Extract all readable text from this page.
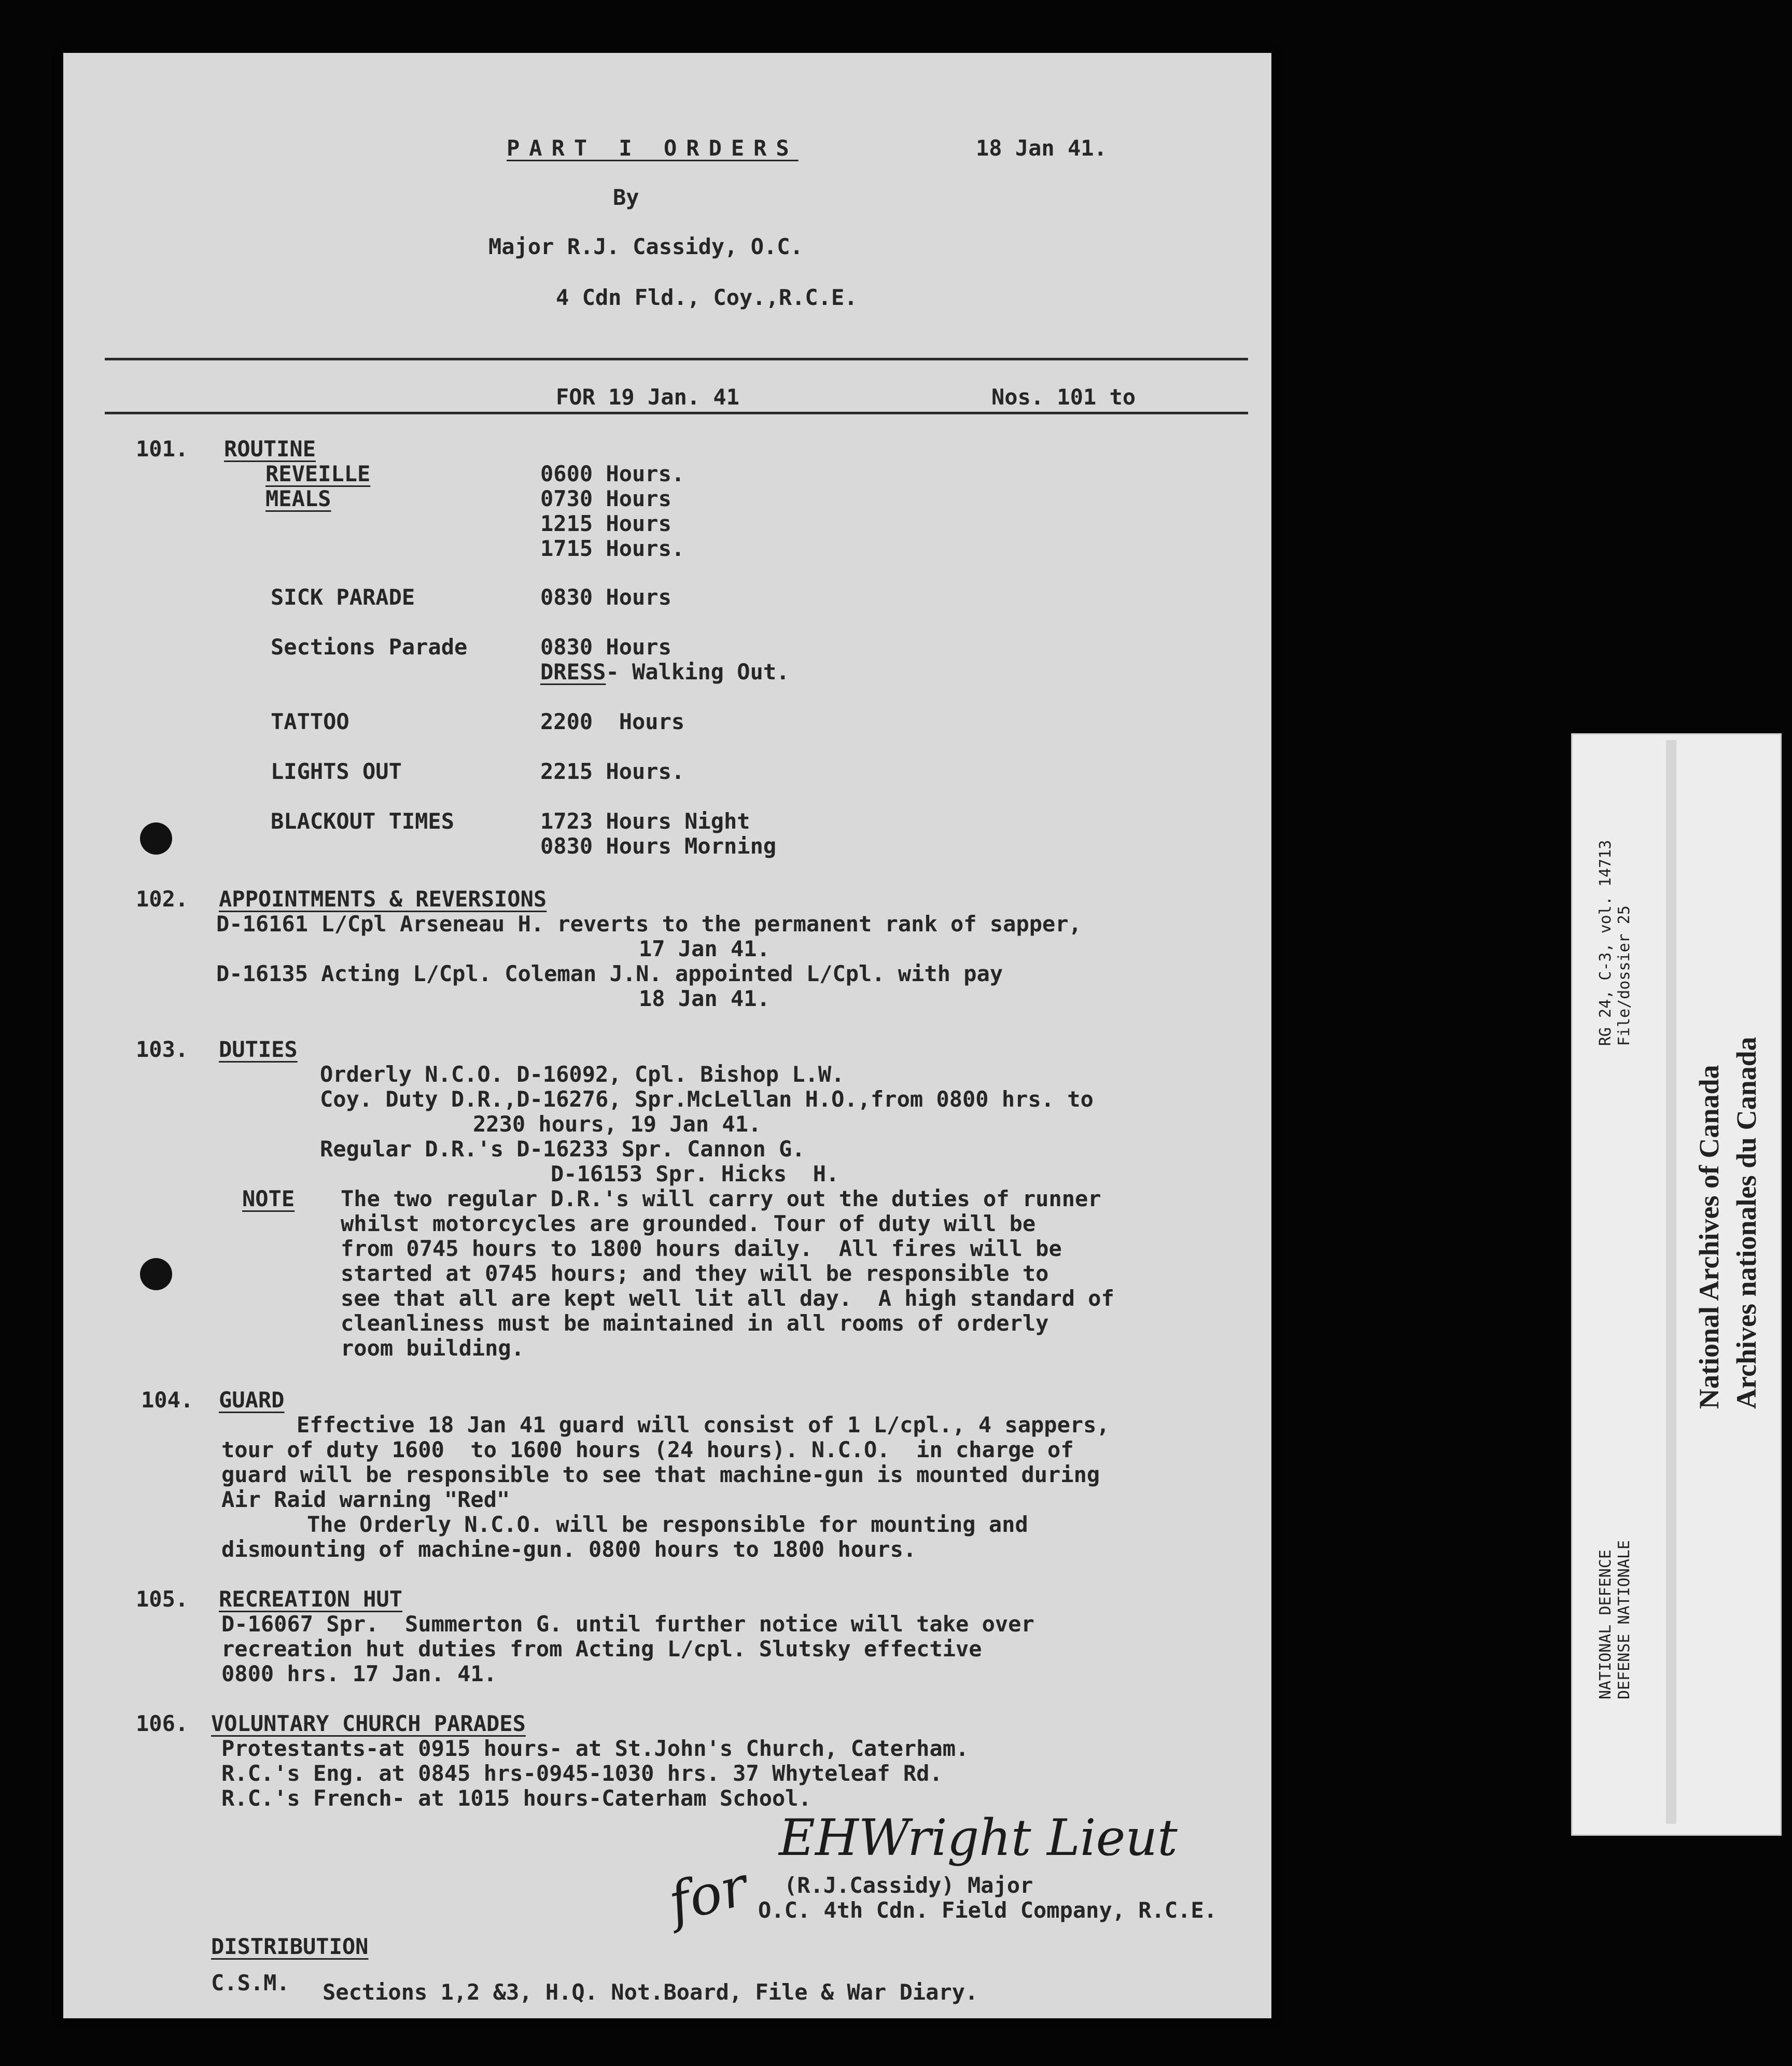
PART I ORDERS	18 Jan 41.
By
Major R.J. Cassidy, O.C.
4 Cdn Fld., Coy.,R.C.E.
FOR 19 Jan. 41	Nos. 101 to
101. ROUTINE
REVEILLE	0600 Hours.
MEALS	0730 Hours
1215 Hours
1715 Hours.
SICK PARADE	0830 Hours
Sections Parade	0830 Hours
DRESS- Walking Out.
TATTOO	2200  Hours
LIGHTS OUT	2215 Hours.
BLACKOUT TIMES	1723 Hours Night
0830 Hours Morning
102. APPOINTMENTS & REVERSIONS
D-16161 L/Cpl Arseneau H. reverts to the permanent rank of sapper,
17 Jan 41.
D-16135 Acting L/Cpl. Coleman J.N. appointed L/Cpl. with pay
18 Jan 41.
103. DUTIES
Orderly N.C.O. D-16092, Cpl. Bishop L.W.
Coy. Duty D.R.,D-16276, Spr.McLellan H.O.,from 0800 hrs. to
2230 hours, 19 Jan 41.
Regular D.R.'s D-16233 Spr. Cannon G.
D-16153 Spr. Hicks  H.
NOTE The two regular D.R.'s will carry out the duties of runner
whilst motorcycles are grounded. Tour of duty will be
from 0745 hours to 1800 hours daily.  All fires will be
started at 0745 hours; and they will be responsible to
see that all are kept well lit all day.  A high standard of
cleanliness must be maintained in all rooms of orderly
room building.
104. GUARD
Effective 18 Jan 41 guard will consist of 1 L/cpl., 4 sappers,
tour of duty 1600  to 1600 hours (24 hours). N.C.O.  in charge of
guard will be responsible to see that machine-gun is mounted during
Air Raid warning "Red"
The Orderly N.C.O. will be responsible for mounting and
dismounting of machine-gun. 0800 hours to 1800 hours.
105. RECREATION HUT
D-16067 Spr.  Summerton G. until further notice will take over
recreation hut duties from Acting L/cpl. Slutsky effective
0800 hrs. 17 Jan. 41.
106. VOLUNTARY CHURCH PARADES
Protestants-at 0915 hours- at St.John's Church, Caterham.
R.C.'s Eng. at 0845 hrs-0945-1030 hrs. 37 Whyteleaf Rd.
R.C.'s French- at 1015 hours-Caterham School.
EHWright Lieut
for (R.J.Cassidy) Major
O.C. 4th Cdn. Field Company, R.C.E.
DISTRIBUTION
C.S.M. Sections 1,2 &3, H.Q. Not.Board, File & War Diary.
RG 24, C-3, vol. 14713 File/dossier 25
NATIONAL DEFENCE DEFENSE NATIONALE
National Archives of Canada Archives nationales du Canada
